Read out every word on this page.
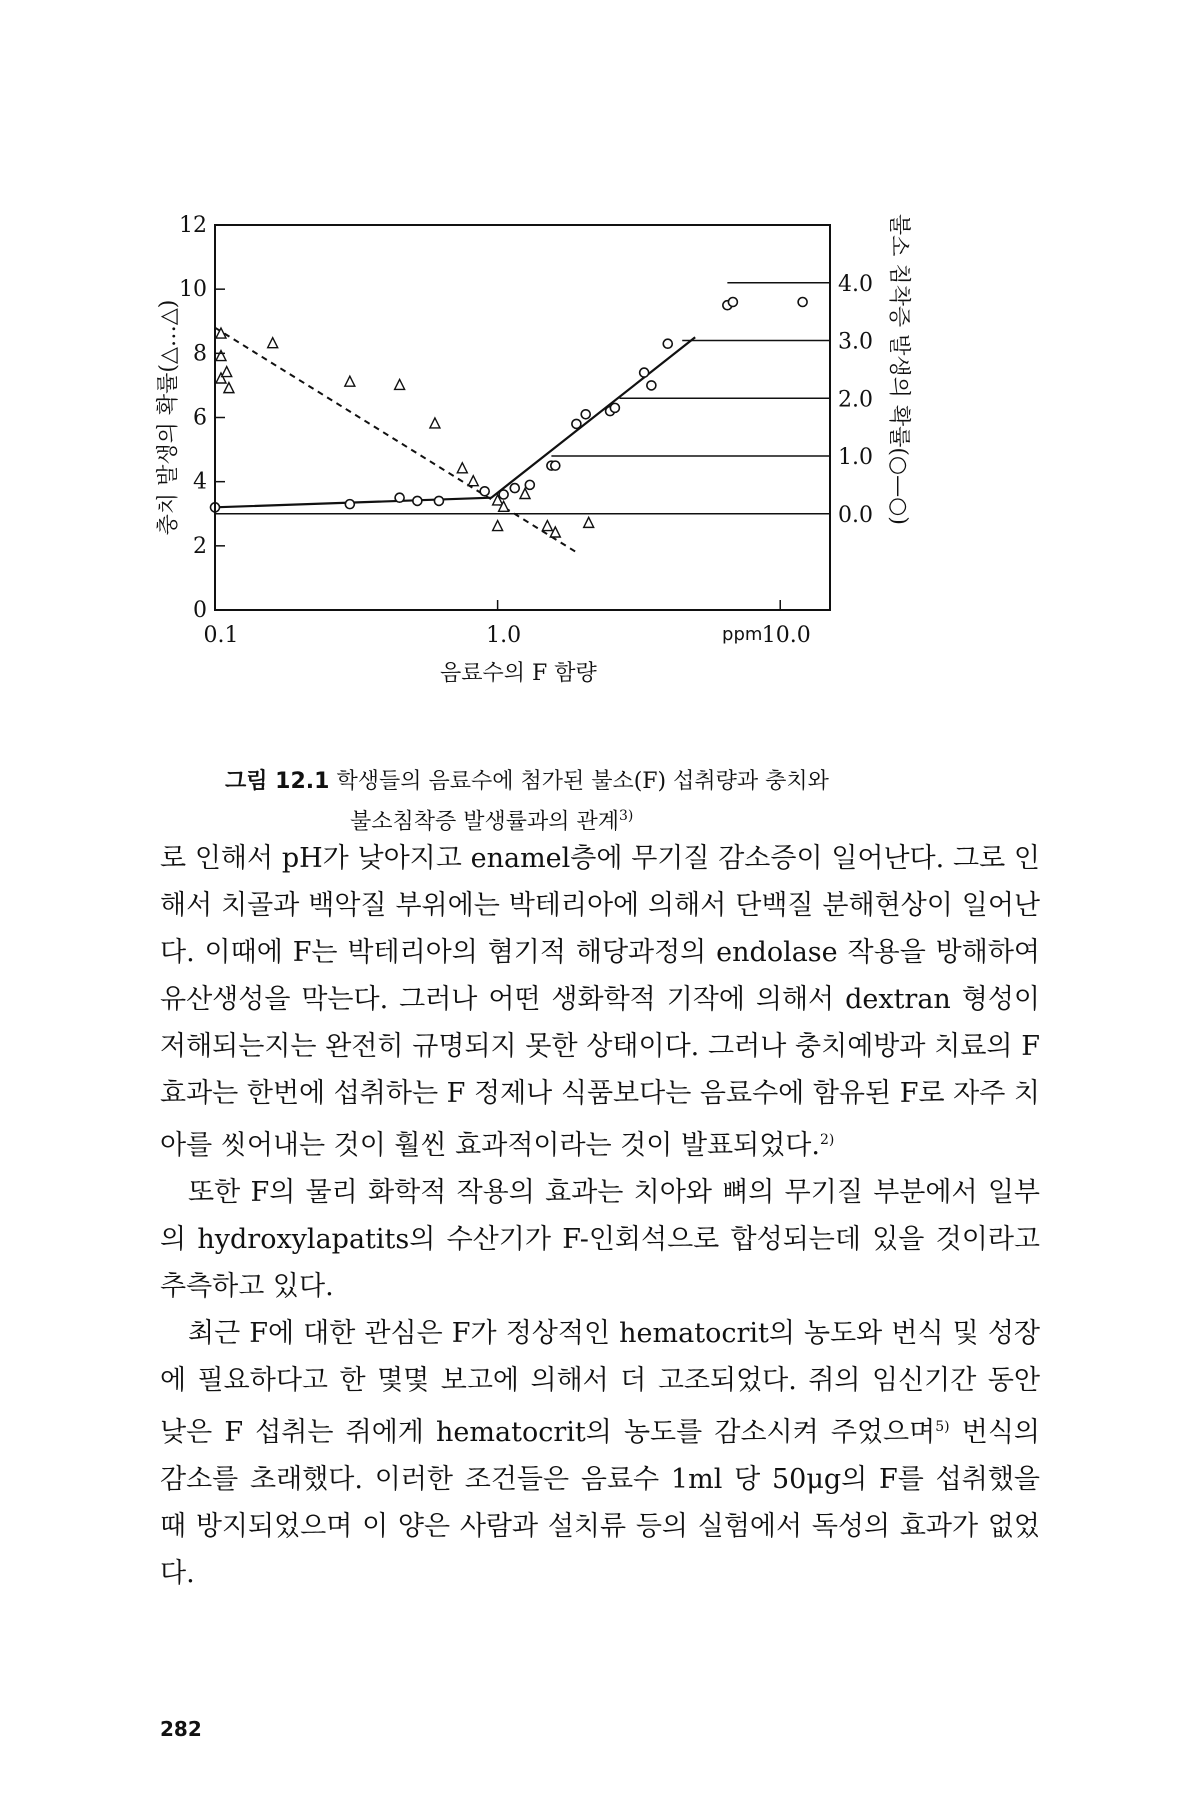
0
2
4
6
8
10
12
0.1	1.0	10.0
ppm
음료수의 F 함량
충치 발생의 확률(△…△)	0.0
1.0
2.0
3.0
4.0 불소 침착증 발생의 확률(○—○)
그림 12.1 학생들의 음료수에 첨가된 불소(F) 섭취량과 충치와
불소침착증 발생률과의 관계$^{3)}$

로 인해서 pH가 낮아지고 enamel층에 무기질 감소증이 일어난다. 그로 인해서 치골과 백악질 부위에는 박테리아에 의해서 단백질 분해현상이 일어난다. 이때에 F는 박테리아의 혐기적 해당과정의 endolase 작용을 방해하여 유산생성을 막는다. 그러나 어떤 생화학적 기작에 의해서 dextran 형성이 저해되는지는 완전히 규명되지 못한 상태이다. 그러나 충치예방과 치료의 F효과는 한번에 섭취하는 F 정제나 식품보다는 음료수에 함유된 F로 자주 치아를 씻어내는 것이 훨씬 효과적이라는 것이 발표되었다.$^{2)}$

또한 F의 물리 화학적 작용의 효과는 치아와 뼈의 무기질 부분에서 일부의 hydroxylapatits의 수산기가 F-인회석으로 합성되는데 있을 것이라고 추측하고 있다.

최근 F에 대한 관심은 F가 정상적인 hematocrit의 농도와 번식 및 성장에 필요하다고 한 몇몇 보고에 의해서 더 고조되었다. 쥐의 임신기간 동안 낮은 F 섭취는 쥐에게 hematocrit의 농도를 감소시켜 주었으며$^{5)}$ 번식의 감소를 초래했다. 이러한 조건들은 음료수 1ml 당 50μg의 F를 섭취했을 때 방지되었으며 이 양은 사람과 설치류 등의 실험에서 독성의 효과가 없었다.

282
